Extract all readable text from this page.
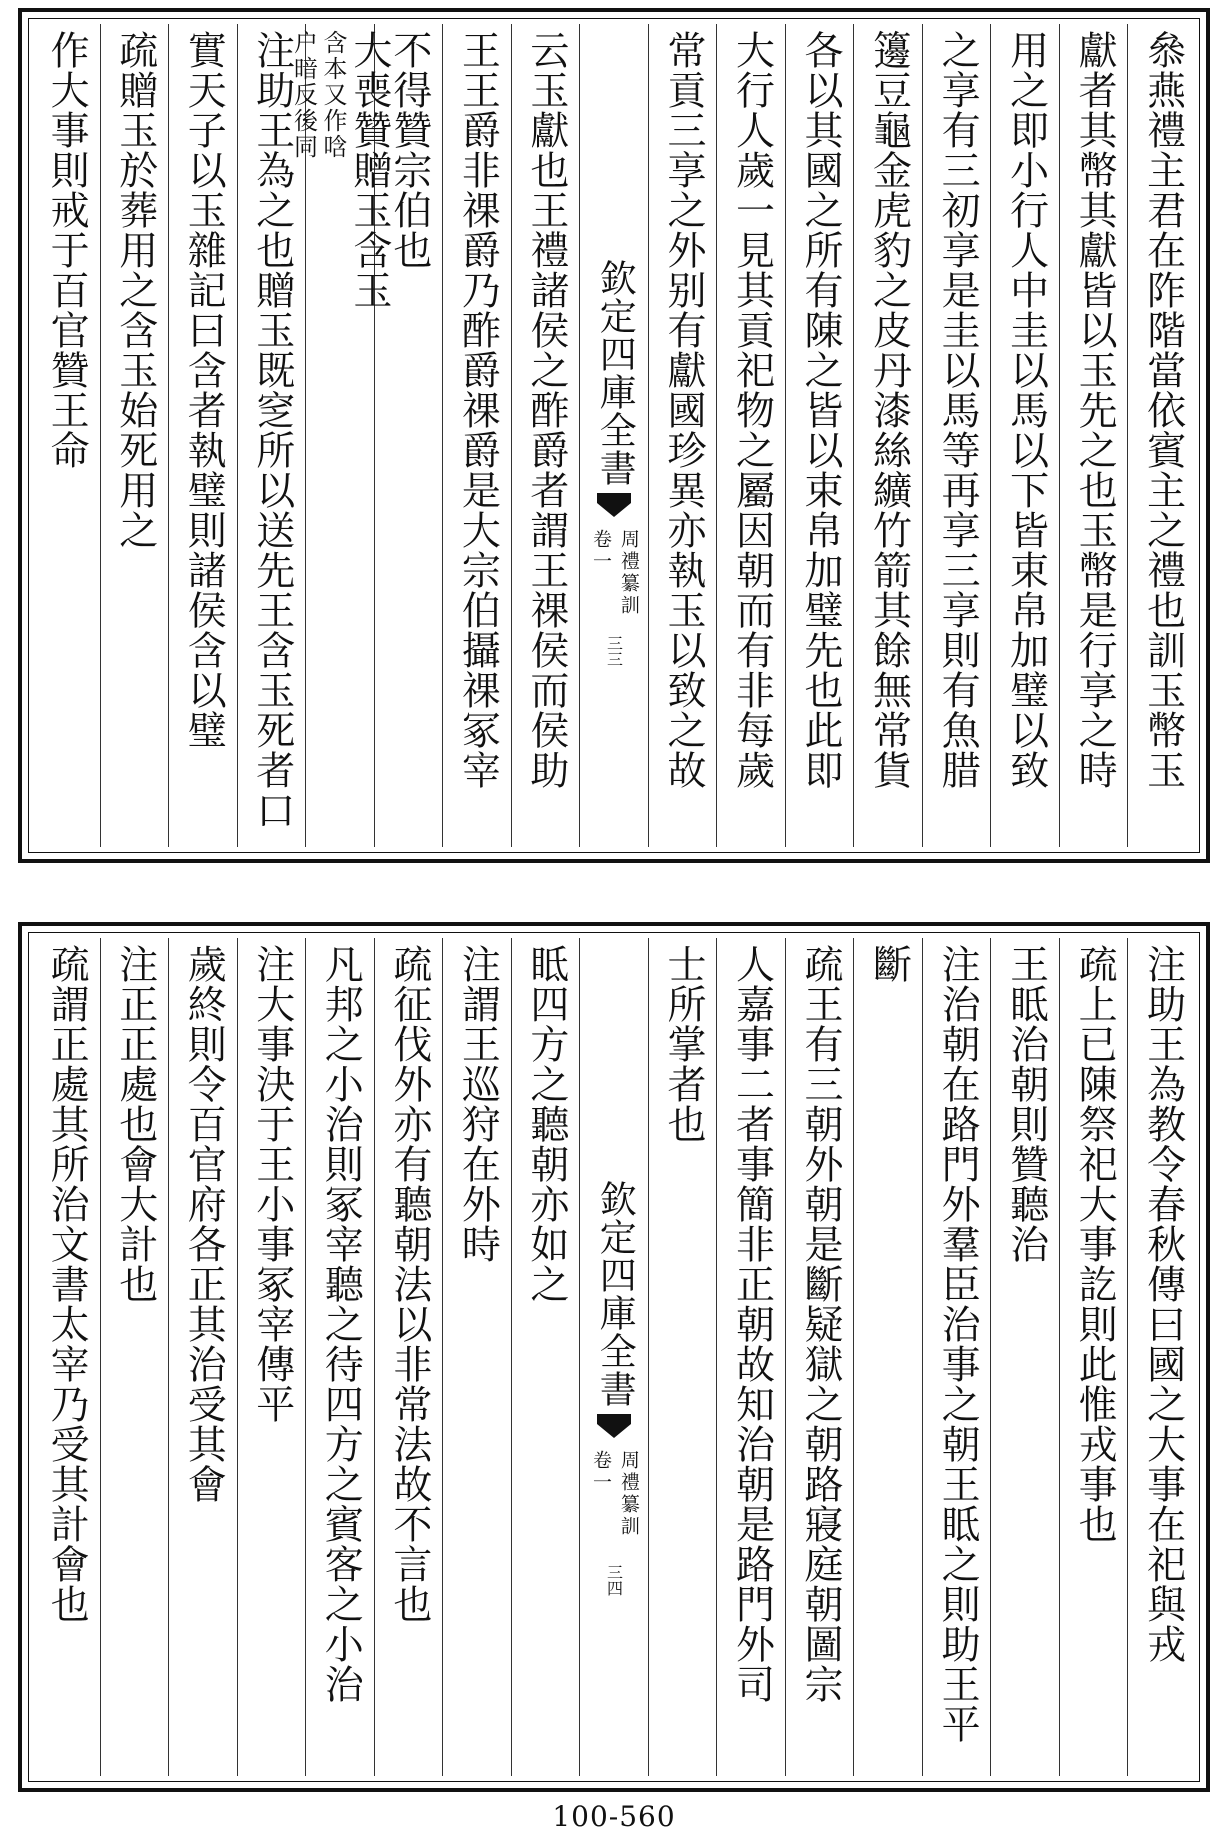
叅燕禮主君在阼階當依賓主之禮也訓玉幣玉
獻者其幣其獻皆以玉先之也玉幣是行享之時
用之即小行人中圭以馬以下皆束帛加璧以致
之享有三初享是圭以馬等再享三享則有魚腊
籩豆龜金虎豹之皮丹漆絲纊竹箭其餘無常貨
各以其國之所有陳之皆以束帛加璧先也此即
大行人歲一見其貢祀物之屬因朝而有非每歲
常貢三享之外别有獻國珍異亦執玉以致之故
欽定四庫全書
周禮纂訓
卷一
三三
云玉獻也王禮諸侯之酢爵者謂王祼侯而侯助
王王爵非祼爵乃酢爵祼爵是大宗伯攝祼冢宰
不得贊宗伯也
含本又作唅
户暗反後同 大喪贊贈玉含玉
注助王為之也贈玉既窆所以送先王含玉死者口
實天子以玉雜記曰含者執璧則諸侯含以璧
疏贈玉於葬用之含玉始死用之
作大事則戒于百官贊王命
注助王為教令春秋傳曰國之大事在祀與戎
疏上已陳祭祀大事訖則此惟戎事也
王眡治朝則贊聽治
注治朝在路門外羣臣治事之朝王眡之則助王平
斷
疏王有三朝外朝是斷疑獄之朝路寢庭朝圖宗
人嘉事二者事簡非正朝故知治朝是路門外司
士所掌者也
欽定四庫全書
周禮纂訓
卷一
三四
眡四方之聽朝亦如之
注謂王巡狩在外時
疏征伐外亦有聽朝法以非常法故不言也
凡邦之小治則冢宰聽之待四方之賓客之小治
注大事決于王小事冢宰傳平
歲終則令百官府各正其治受其會
注正正處也會大計也
疏謂正處其所治文書太宰乃受其計會也
100-560
